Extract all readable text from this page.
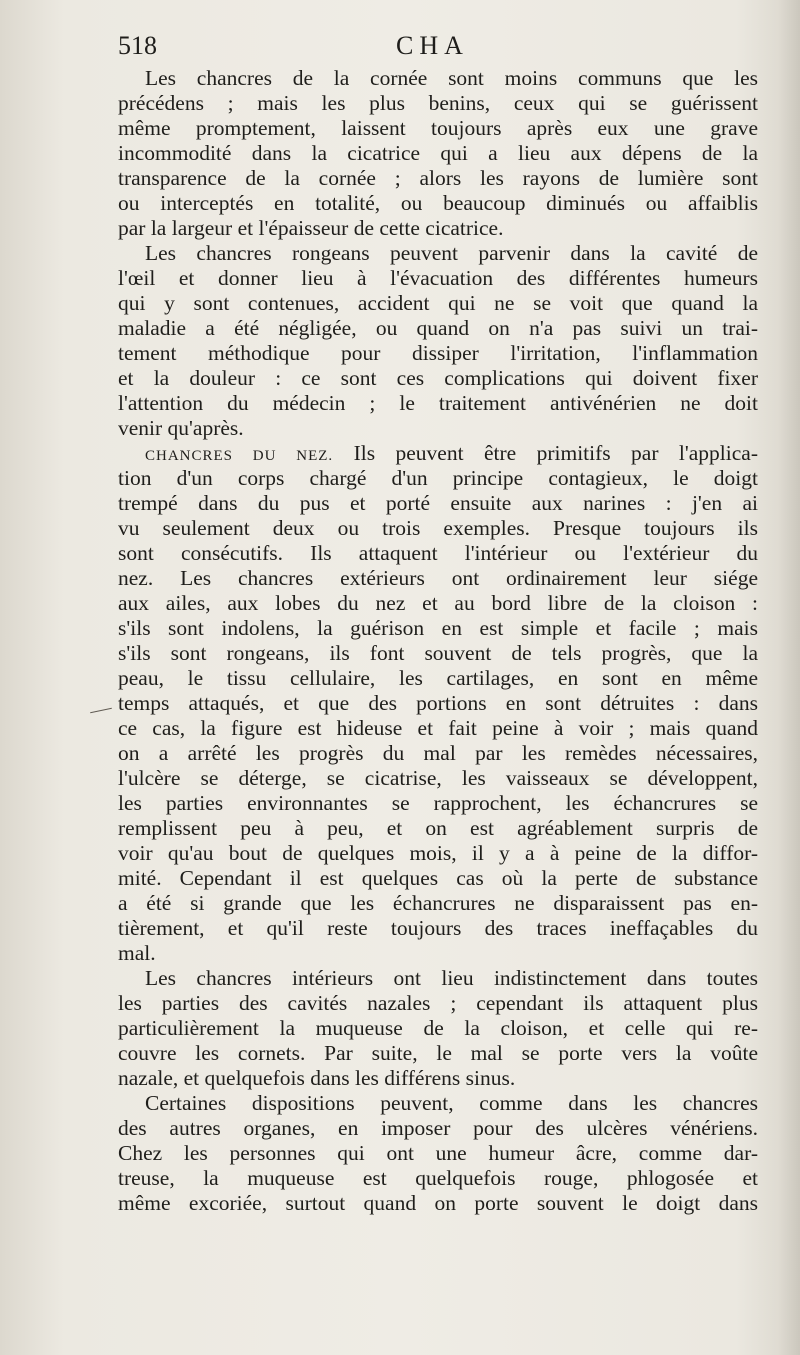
518	CHA
Les chancres de la cornée sont moins communs que les
précédens ; mais les plus benins, ceux qui se guérissent
même promptement, laissent toujours après eux une grave
incommodité dans la cicatrice qui a lieu aux dépens de la
transparence de la cornée ; alors les rayons de lumière sont
ou interceptés en totalité, ou beaucoup diminués ou affaiblis
par la largeur et l'épaisseur de cette cicatrice.
Les chancres rongeans peuvent parvenir dans la cavité de
l'œil et donner lieu à l'évacuation des différentes humeurs
qui y sont contenues, accident qui ne se voit que quand la
maladie a été négligée, ou quand on n'a pas suivi un trai-
tement méthodique pour dissiper l'irritation, l'inflammation
et la douleur : ce sont ces complications qui doivent fixer
l'attention du médecin ; le traitement antivénérien ne doit
venir qu'après.
CHANCRES DU NEZ. Ils peuvent être primitifs par l'applica-
tion d'un corps chargé d'un principe contagieux, le doigt
trempé dans du pus et porté ensuite aux narines : j'en ai
vu seulement deux ou trois exemples. Presque toujours ils
sont consécutifs. Ils attaquent l'intérieur ou l'extérieur du
nez. Les chancres extérieurs ont ordinairement leur siége
aux ailes, aux lobes du nez et au bord libre de la cloison :
s'ils sont indolens, la guérison en est simple et facile ; mais
s'ils sont rongeans, ils font souvent de tels progrès, que la
peau, le tissu cellulaire, les cartilages, en sont en même
temps attaqués, et que des portions en sont détruites : dans
ce cas, la figure est hideuse et fait peine à voir ; mais quand
on a arrêté les progrès du mal par les remèdes nécessaires,
l'ulcère se déterge, se cicatrise, les vaisseaux se développent,
les parties environnantes se rapprochent, les échancrures se
remplissent peu à peu, et on est agréablement surpris de
voir qu'au bout de quelques mois, il y a à peine de la diffor-
mité. Cependant il est quelques cas où la perte de substance
a été si grande que les échancrures ne disparaissent pas en-
tièrement, et qu'il reste toujours des traces ineffaçables du
mal.
Les chancres intérieurs ont lieu indistinctement dans toutes
les parties des cavités nazales ; cependant ils attaquent plus
particulièrement la muqueuse de la cloison, et celle qui re-
couvre les cornets. Par suite, le mal se porte vers la voûte
nazale, et quelquefois dans les différens sinus.
Certaines dispositions peuvent, comme dans les chancres
des autres organes, en imposer pour des ulcères vénériens.
Chez les personnes qui ont une humeur âcre, comme dar-
treuse, la muqueuse est quelquefois rouge, phlogosée et
même excoriée, surtout quand on porte souvent le doigt dans
